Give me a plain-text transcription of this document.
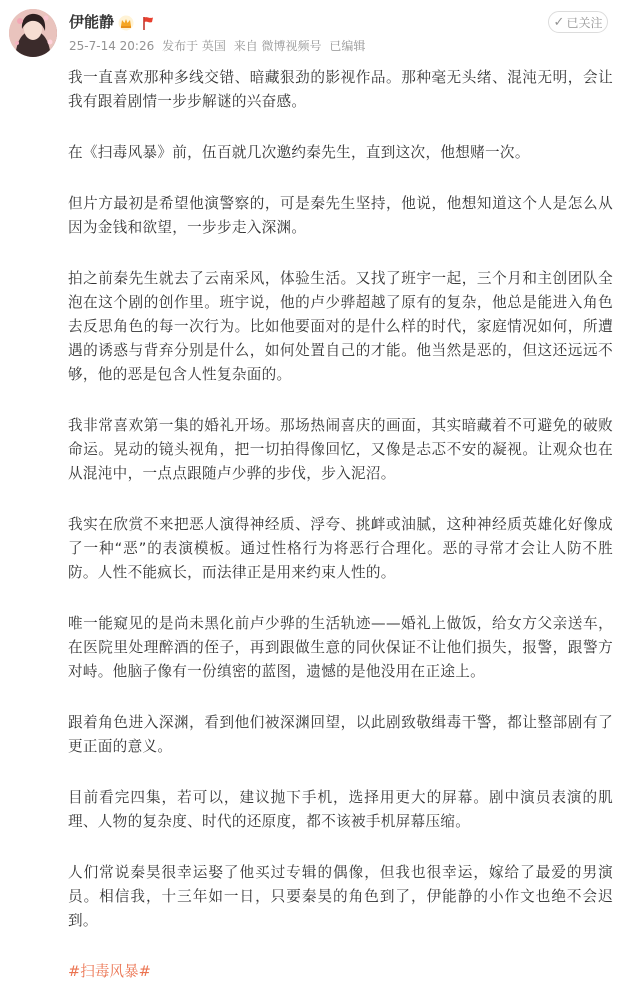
伊能静
25-7-14 20:26 发布于 英国 来自 微博视频号 已编辑
✓ 已关注

我一直喜欢那种多线交错、暗藏狠劲的影视作品。那种毫无头绪、混沌无明，会让我有跟着剧情一步步解谜的兴奋感。

在《扫毒风暴》前，伍百就几次邀约秦先生，直到这次，他想赌一次。

但片方最初是希望他演警察的，可是秦先生坚持，他说，他想知道这个人是怎么从因为金钱和欲望，一步步走入深渊。

拍之前秦先生就去了云南采风，体验生活。又找了班宇一起，三个月和主创团队全泡在这个剧的创作里。班宇说，他的卢少骅超越了原有的复杂，他总是能进入角色去反思角色的每一次行为。比如他要面对的是什么样的时代，家庭情况如何，所遭遇的诱惑与背弃分别是什么，如何处置自己的才能。他当然是恶的，但这还远远不够，他的恶是包含人性复杂面的。

我非常喜欢第一集的婚礼开场。那场热闹喜庆的画面，其实暗藏着不可避免的破败命运。晃动的镜头视角，把一切拍得像回忆，又像是忐忑不安的凝视。让观众也在从混沌中，一点点跟随卢少骅的步伐，步入泥沼。

我实在欣赏不来把恶人演得神经质、浮夸、挑衅或油腻，这种神经质英雄化好像成了一种“恶”的表演模板。通过性格行为将恶行合理化。恶的寻常才会让人防不胜防。人性不能疯长，而法律正是用来约束人性的。

唯一能窥见的是尚未黑化前卢少骅的生活轨迹——婚礼上做饭，给女方父亲送车，在医院里处理醉酒的侄子，再到跟做生意的同伙保证不让他们损失，报警，跟警方对峙。他脑子像有一份缜密的蓝图，遗憾的是他没用在正途上。

跟着角色进入深渊，看到他们被深渊回望，以此剧致敬缉毒干警，都让整部剧有了更正面的意义。

目前看完四集，若可以，建议抛下手机，选择用更大的屏幕。剧中演员表演的肌理、人物的复杂度、时代的还原度，都不该被手机屏幕压缩。

人们常说秦昊很幸运娶了他买过专辑的偶像，但我也很幸运，嫁给了最爱的男演员。相信我，十三年如一日，只要秦昊的角色到了，伊能静的小作文也绝不会迟到。

#扫毒风暴#
